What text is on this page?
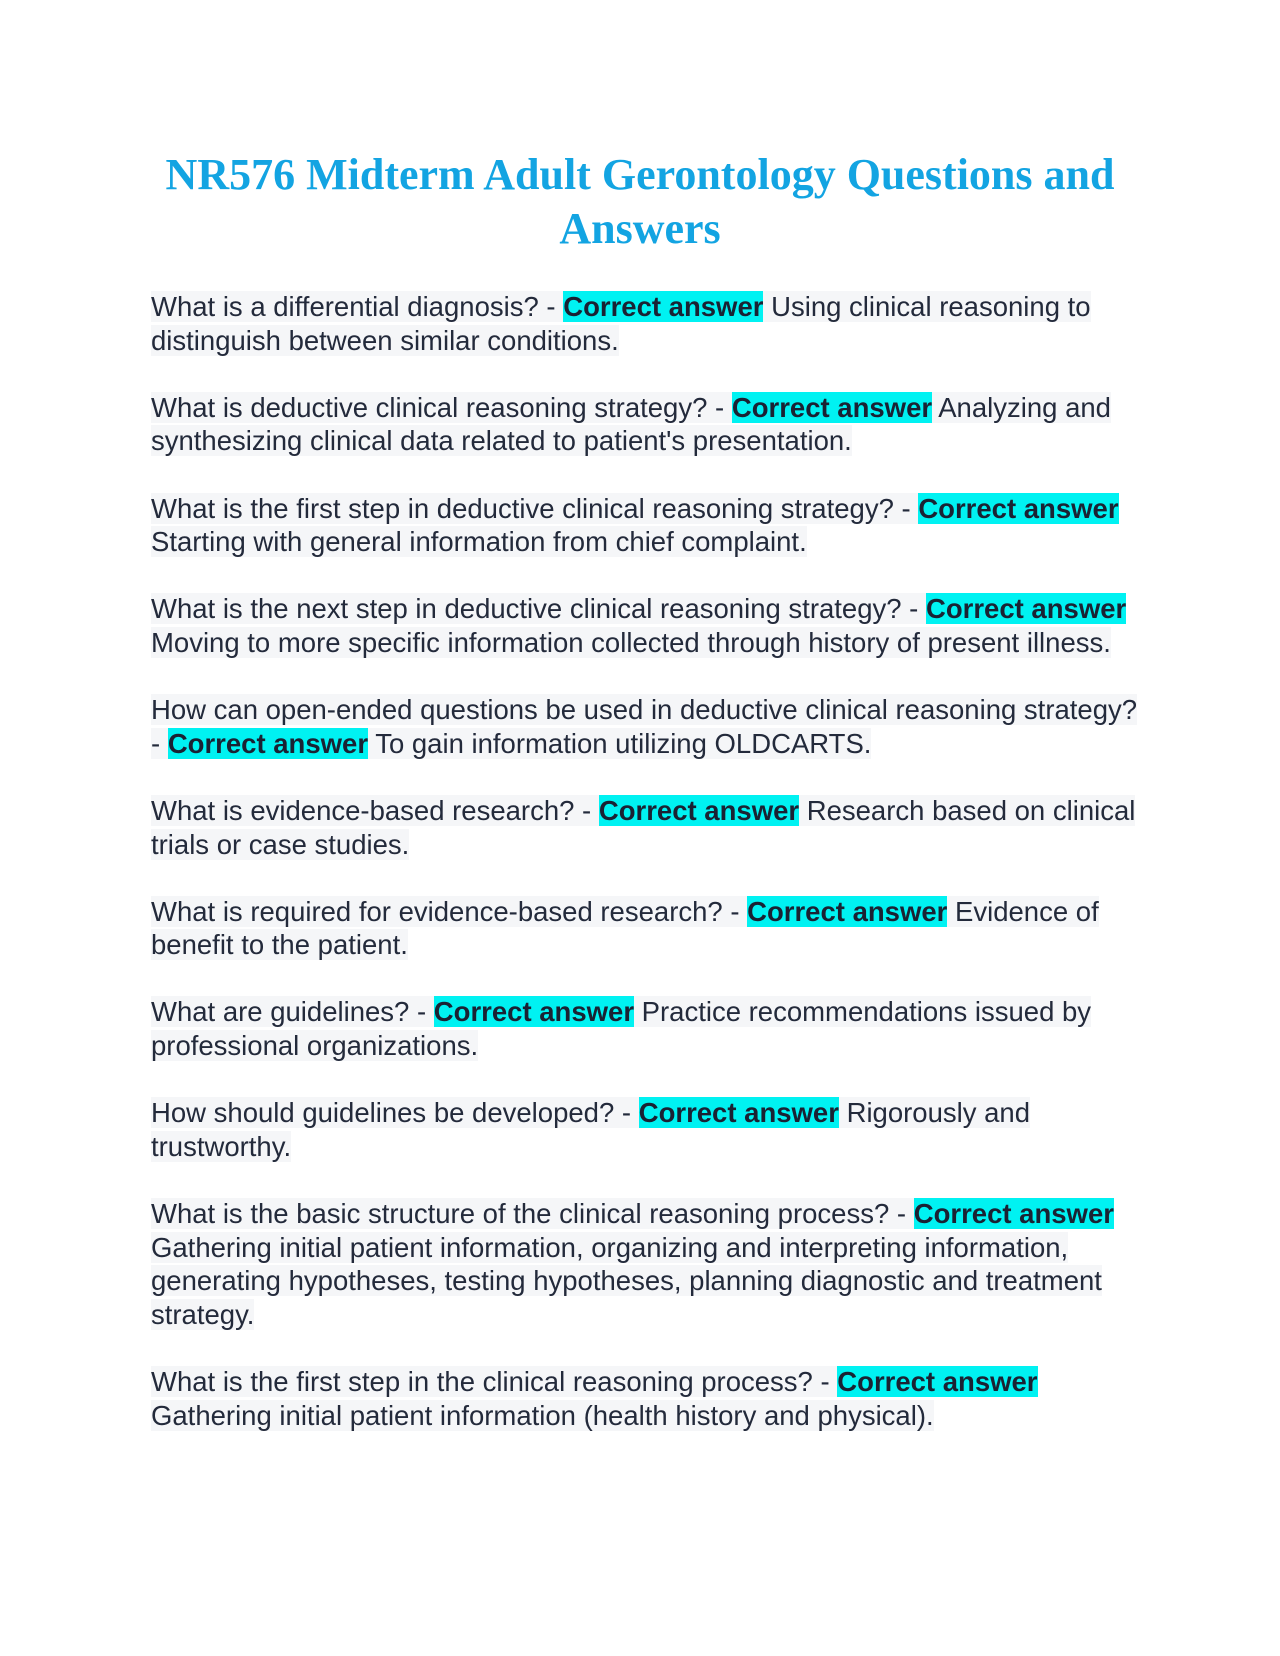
NR576 Midterm Adult Gerontology Questions and Answers

What is a differential diagnosis? - Correct answer Using clinical reasoning to distinguish between similar conditions.

What is deductive clinical reasoning strategy? - Correct answer Analyzing and synthesizing clinical data related to patient's presentation.

What is the first step in deductive clinical reasoning strategy? - Correct answer Starting with general information from chief complaint.

What is the next step in deductive clinical reasoning strategy? - Correct answer Moving to more specific information collected through history of present illness.

How can open-ended questions be used in deductive clinical reasoning strategy? - Correct answer To gain information utilizing OLDCARTS.

What is evidence-based research? - Correct answer Research based on clinical trials or case studies.

What is required for evidence-based research? - Correct answer Evidence of benefit to the patient.

What are guidelines? - Correct answer Practice recommendations issued by professional organizations.

How should guidelines be developed? - Correct answer Rigorously and trustworthy.

What is the basic structure of the clinical reasoning process? - Correct answer Gathering initial patient information, organizing and interpreting information, generating hypotheses, testing hypotheses, planning diagnostic and treatment strategy.

What is the first step in the clinical reasoning process? - Correct answer Gathering initial patient information (health history and physical).
